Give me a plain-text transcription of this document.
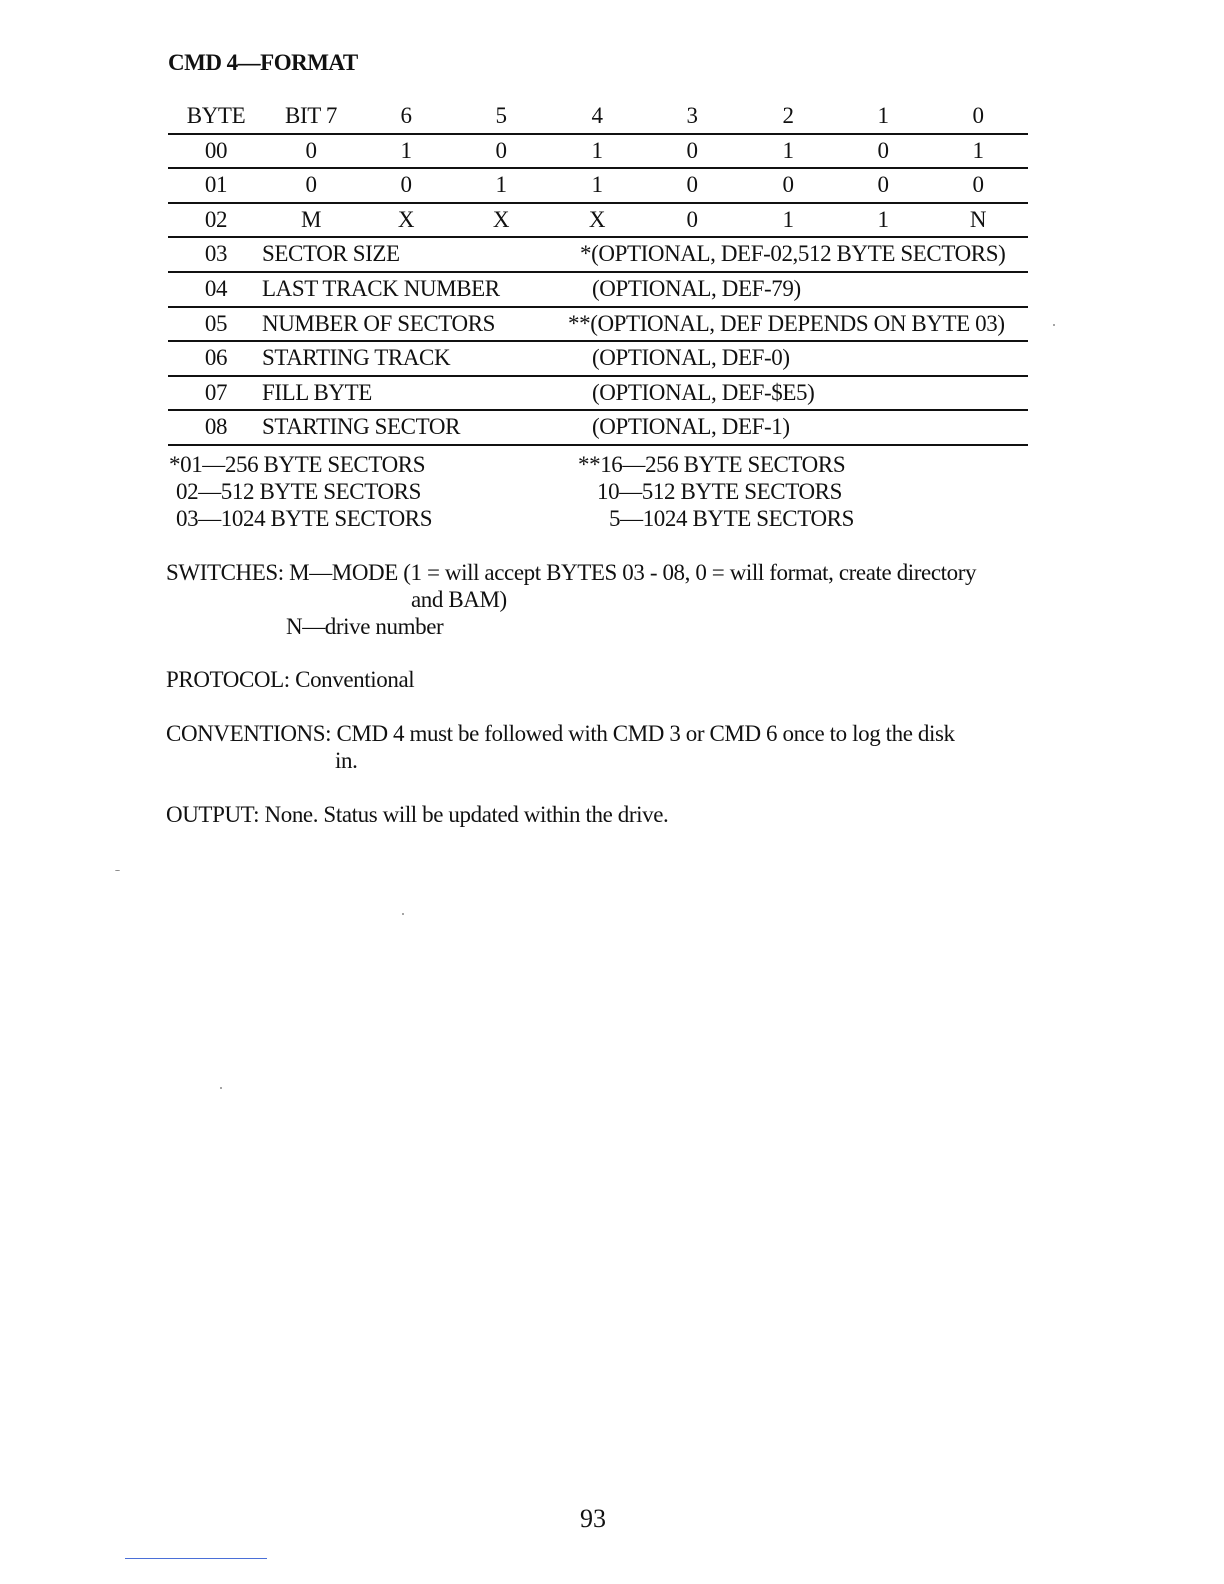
CMD 4—FORMAT
BYTE BIT 7	6	5	4	3	2	1	0
00	0	1	0	1	0	1	0	1
01	0	0	1	1	0	0	0	0
02	M	X	X	X	0	1	1	N
03 SECTOR SIZE	*(OPTIONAL, DEF-02,512 BYTE SECTORS)
04 LAST TRACK NUMBER	(OPTIONAL, DEF-79)
05 NUMBER OF SECTORS	**(OPTIONAL, DEF DEPENDS ON BYTE 03)
06 STARTING TRACK	(OPTIONAL, DEF-0)
07 FILL BYTE	(OPTIONAL, DEF-$E5)
08 STARTING SECTOR	(OPTIONAL, DEF-1)
*01—256 BYTE SECTORS
02—512 BYTE SECTORS
03—1024 BYTE SECTORS
**16—256 BYTE SECTORS
10—512 BYTE SECTORS
5—1024 BYTE SECTORS
SWITCHES: M—MODE (1 = will accept BYTES 03 - 08, 0 = will format, create directory
and BAM)
N—drive number
PROTOCOL: Conventional
CONVENTIONS: CMD 4 must be followed with CMD 3 or CMD 6 once to log the disk
in.
OUTPUT: None. Status will be updated within the drive.
93
